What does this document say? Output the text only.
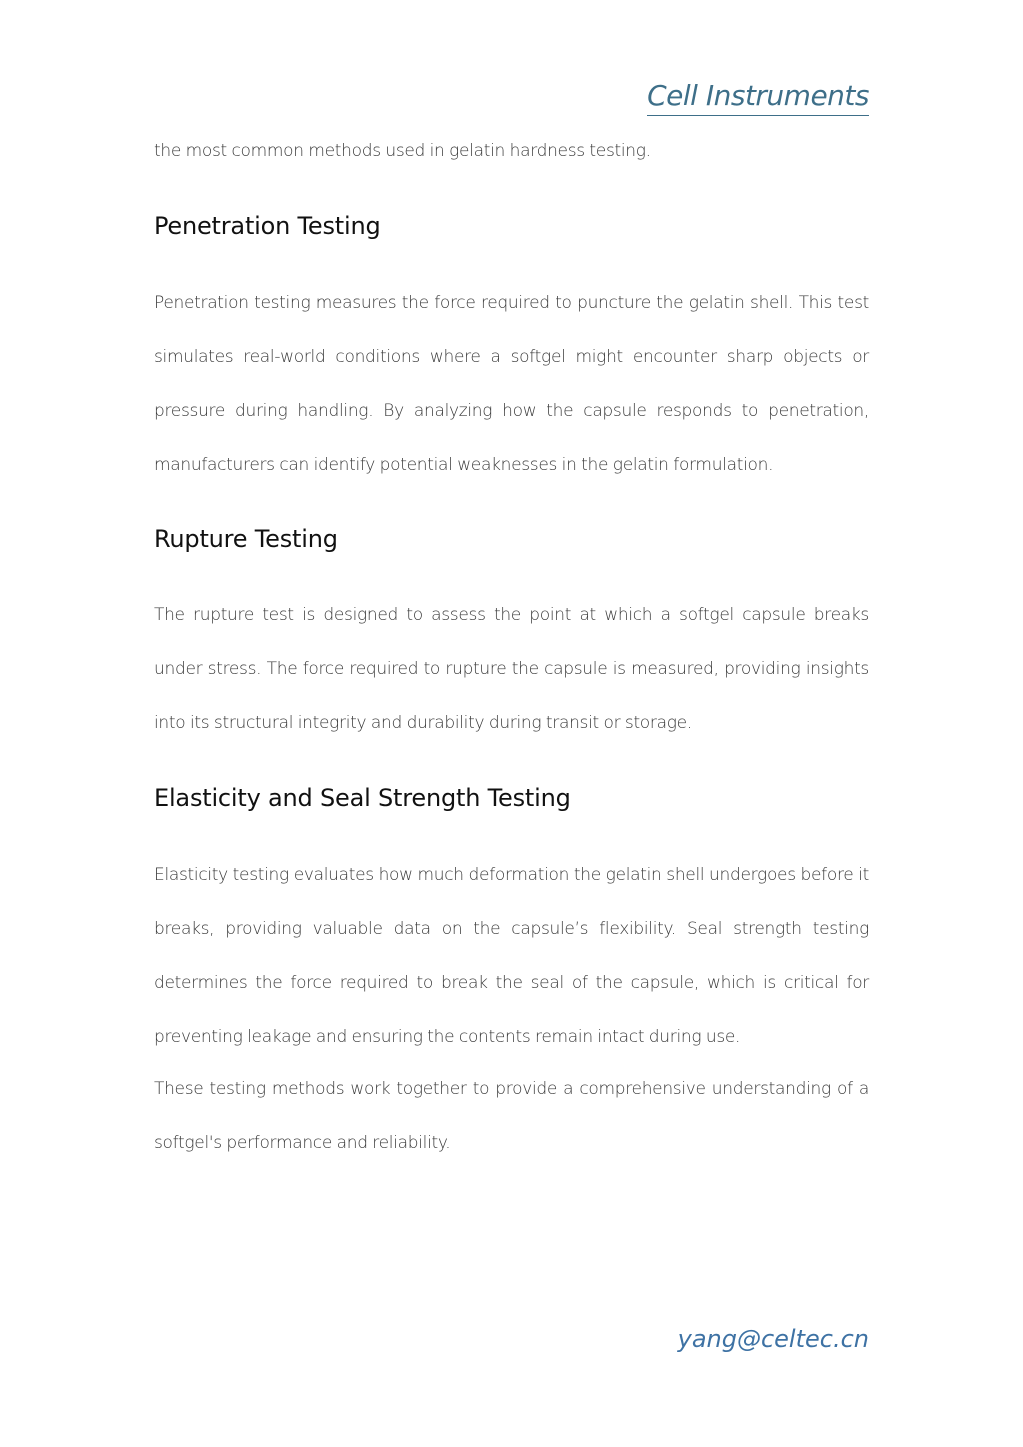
Cell Instruments

the most common methods used in gelatin hardness testing.

Penetration Testing

Penetration testing measures the force required to puncture the gelatin shell. This test simulates real-world conditions where a softgel might encounter sharp objects or pressure during handling. By analyzing how the capsule responds to penetration, manufacturers can identify potential weaknesses in the gelatin formulation.

Rupture Testing

The rupture test is designed to assess the point at which a softgel capsule breaks under stress. The force required to rupture the capsule is measured, providing insights into its structural integrity and durability during transit or storage.

Elasticity and Seal Strength Testing

Elasticity testing evaluates how much deformation the gelatin shell undergoes before it breaks, providing valuable data on the capsule’s flexibility. Seal strength testing determines the force required to break the seal of the capsule, which is critical for preventing leakage and ensuring the contents remain intact during use.

These testing methods work together to provide a comprehensive understanding of a softgel's performance and reliability.

yang@celtec.cn
